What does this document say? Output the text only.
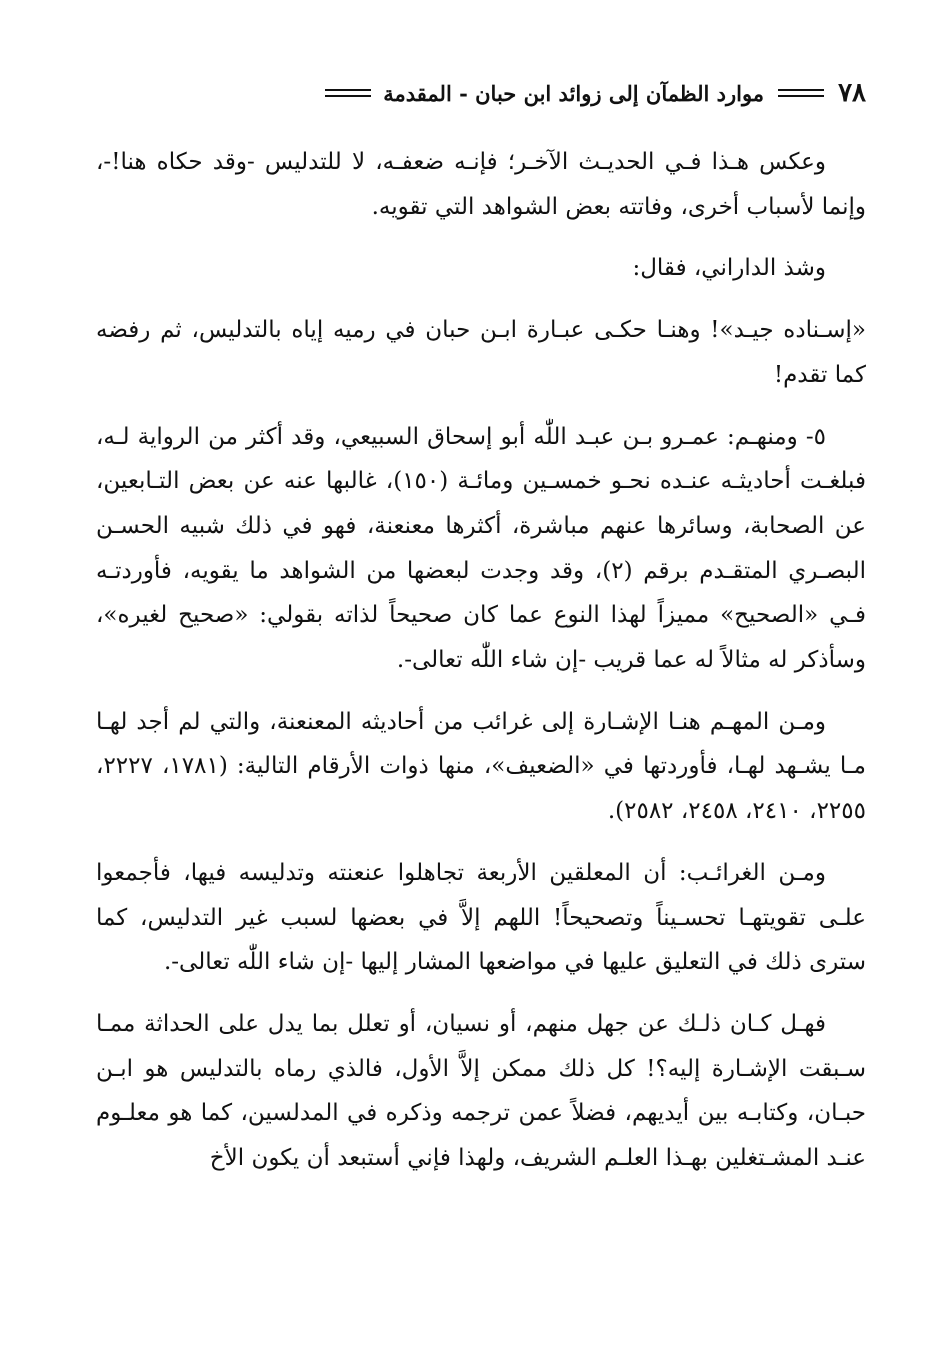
٧٨
موارد الظمآن إلى زوائد ابن حبان - المقدمة

وعكس هـذا فـي الحديـث الآخـر؛ فإنـه ضعفـه، لا للتدليس -وقد حكاه هنا!-، وإنما لأسباب أخرى، وفاتته بعض الشواهد التي تقويه.

وشذ الداراني، فقال:

«إسـناده جيـد»! وهنـا حكـى عبـارة ابـن حبان في رميه إياه بالتدليس، ثم رفضه كما تقدم!

٥- ومنهـم: عمـرو بـن عبـد اللّٰه أبو إسحاق السبيعي، وقد أكثر من الرواية لـه، فبلغـت أحاديثـه عنـده نحـو خمسـين ومائـة (١٥٠)، غالبها عنه عن بعض التـابعين، عن الصحابة، وسائرها عنهم مباشرة، أكثرها معنعنة، فهو في ذلك شبيه الحسـن البصـري المتقـدم برقم (٢)، وقد وجدت لبعضها من الشواهد ما يقويه، فأوردتـه فـي «الصحيح» مميزاً لهذا النوع عما كان صحيحاً لذاته بقولي: «صحيح لغيره»، وسأذكر له مثالاً له عما قريب -إن شاء اللّٰه تعالى-.

ومـن المهـم هنـا الإشـارة إلى غرائب من أحاديثه المعنعنة، والتي لم أجد لهـا مـا يشـهد لهـا، فأوردتها في «الضعيف»، منها ذوات الأرقام التالية: (١٧٨١، ٢٢٢٧، ٢٢٥٥، ٢٤١٠، ٢٤٥٨، ٢٥٨٢).

ومـن الغرائـب: أن المعلقين الأربعة تجاهلوا عنعنته وتدليسه فيها، فأجمعوا علـى تقويتهـا تحسـيناً وتصحيحاً! اللهم إلاَّ في بعضها لسبب غير التدليس، كما سترى ذلك في التعليق عليها في مواضعها المشار إليها -إن شاء اللّٰه تعالى-.

فهـل كـان ذلـك عن جهل منهم، أو نسيان، أو تعلل بما يدل على الحداثة ممـا سـبقت الإشـارة إليه؟! كل ذلك ممكن إلاَّ الأول، فالذي رماه بالتدليس هو ابـن حبـان، وكتابـه بين أيديهم، فضلاً عمن ترجمه وذكره في المدلسين، كما هو معلـوم عنـد المشـتغلين بهـذا العلـم الشريف، ولهذا فإني أستبعد أن يكون الأخ
